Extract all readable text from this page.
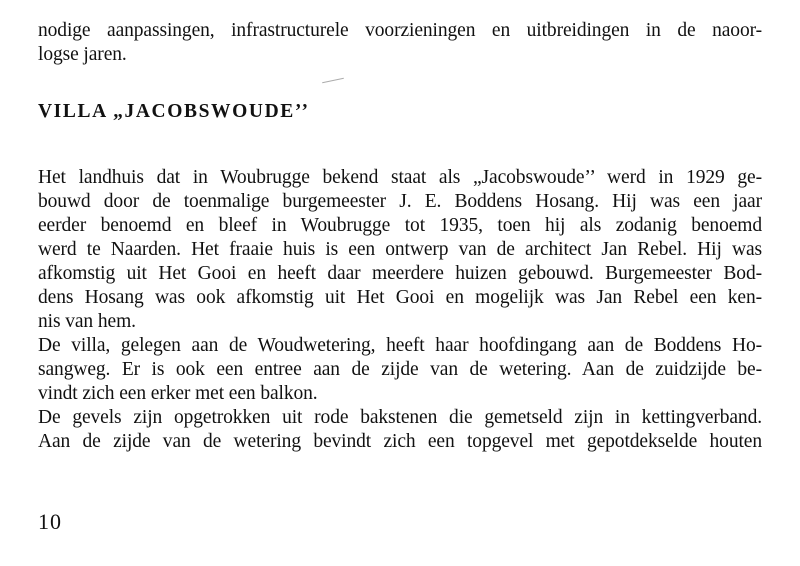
nodige aanpassingen, infrastructurele voorzieningen en uitbreidingen in de naoor-
logse jaren.
VILLA „JACOBSWOUDE’’
Het landhuis dat in Woubrugge bekend staat als „Jacobswoude’’ werd in 1929 ge-
bouwd door de toenmalige burgemeester J. E. Boddens Hosang. Hij was een jaar
eerder benoemd en bleef in Woubrugge tot 1935, toen hij als zodanig benoemd
werd te Naarden. Het fraaie huis is een ontwerp van de architect Jan Rebel. Hij was
afkomstig uit Het Gooi en heeft daar meerdere huizen gebouwd. Burgemeester Bod-
dens Hosang was ook afkomstig uit Het Gooi en mogelijk was Jan Rebel een ken-
nis van hem.
De villa, gelegen aan de Woudwetering, heeft haar hoofdingang aan de Boddens Ho-
sangweg. Er is ook een entree aan de zijde van de wetering. Aan de zuidzijde be-
vindt zich een erker met een balkon.
De gevels zijn opgetrokken uit rode bakstenen die gemetseld zijn in kettingverband.
Aan de zijde van de wetering bevindt zich een topgevel met gepotdekselde houten
10
